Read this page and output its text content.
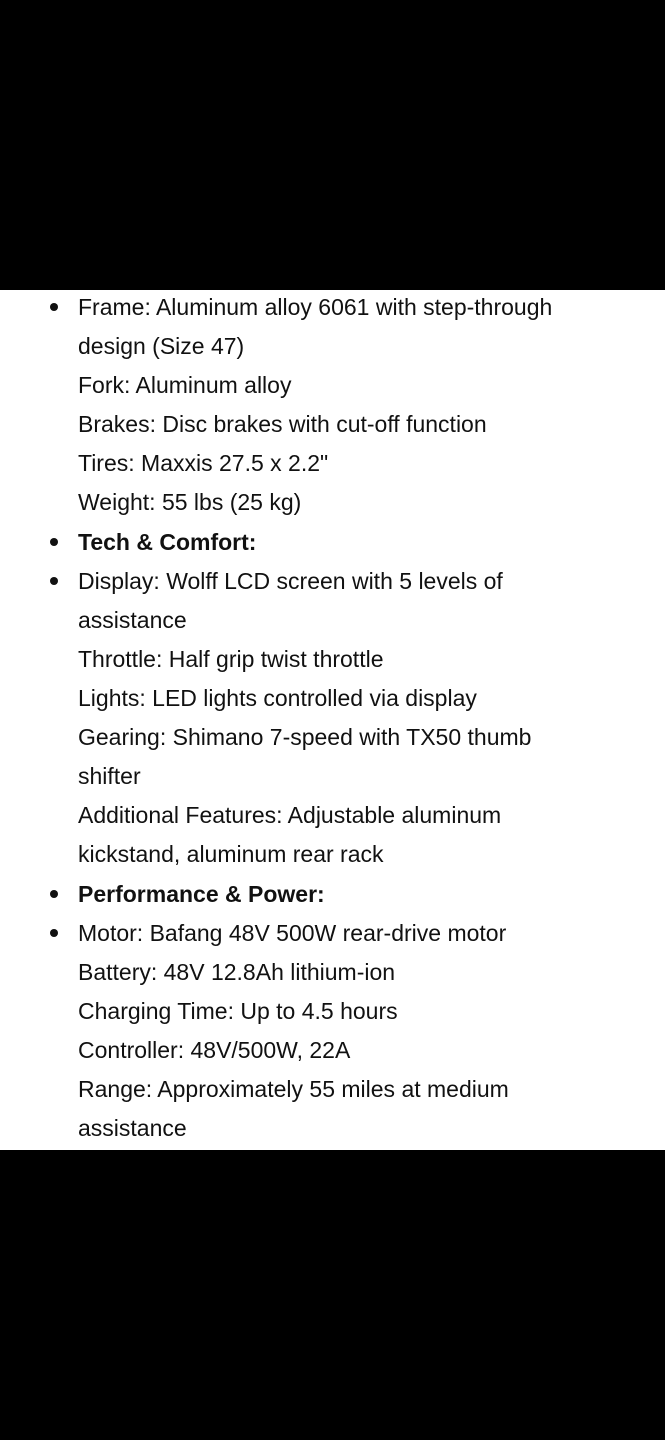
Frame: Aluminum alloy 6061 with step-through
design (Size 47)
Fork: Aluminum alloy
Brakes: Disc brakes with cut-off function
Tires: Maxxis 27.5 x 2.2"
Weight: 55 lbs (25 kg)
Tech & Comfort:
Display: Wolff LCD screen with 5 levels of
assistance
Throttle: Half grip twist throttle
Lights: LED lights controlled via display
Gearing: Shimano 7-speed with TX50 thumb
shifter
Additional Features: Adjustable aluminum
kickstand, aluminum rear rack
Performance & Power:
Motor: Bafang 48V 500W rear-drive motor
Battery: 48V 12.8Ah lithium-ion
Charging Time: Up to 4.5 hours
Controller: 48V/500W, 22A
Range: Approximately 55 miles at medium
assistance
